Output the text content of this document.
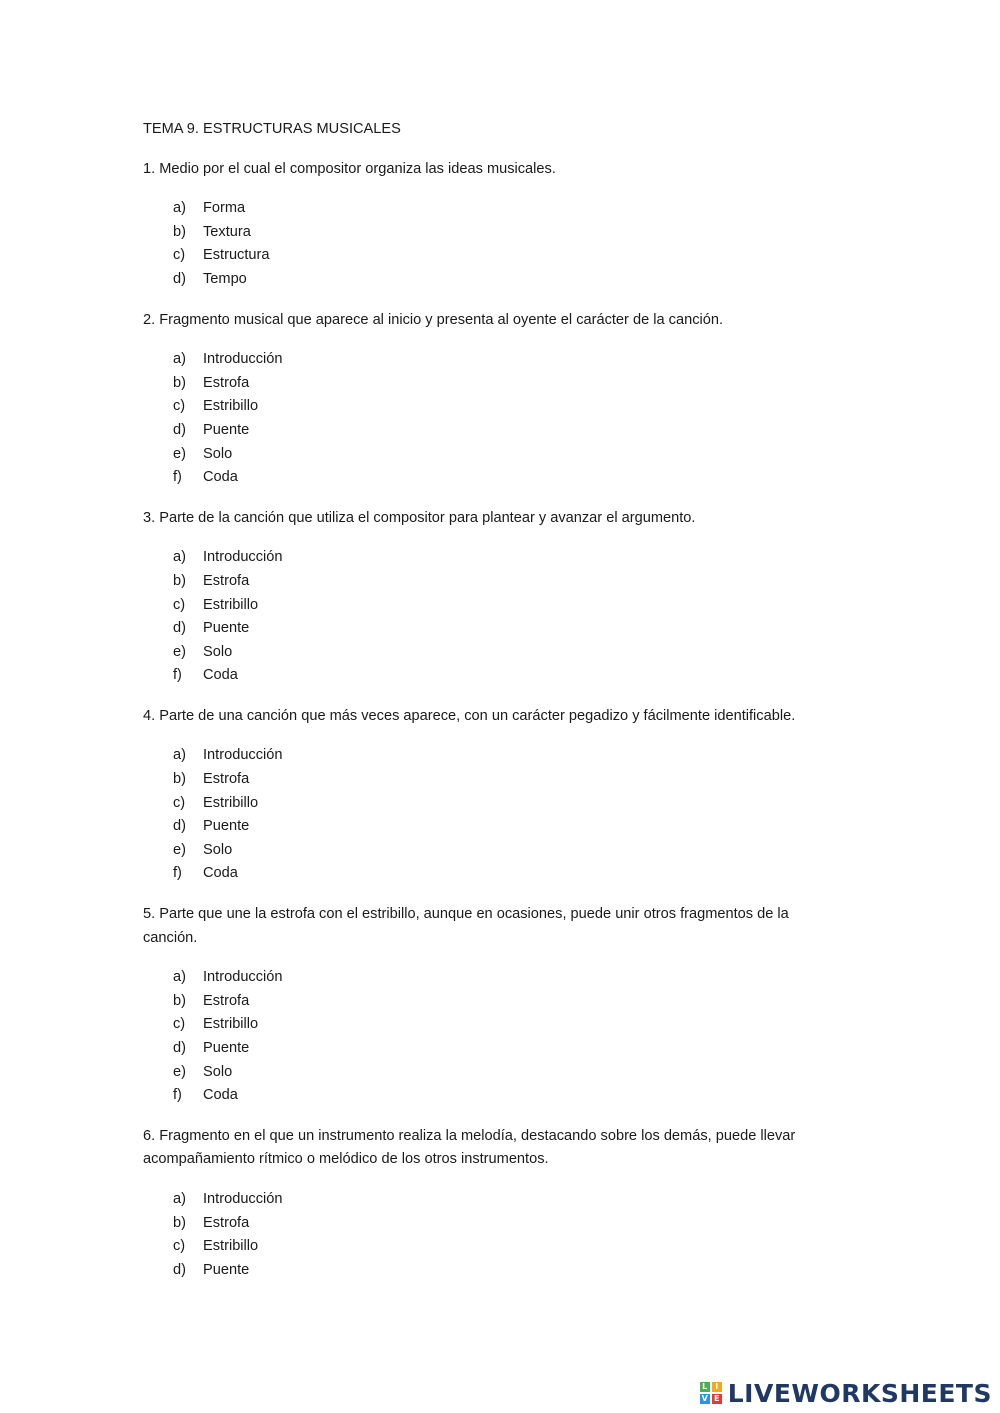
TEMA 9. ESTRUCTURAS MUSICALES
1. Medio por el cual el compositor organiza las ideas musicales.
a)	Forma
b)	Textura
c)	Estructura
d)	Tempo
2. Fragmento musical que aparece al inicio y presenta al oyente el carácter de la canción.
a)	Introducción
b)	Estrofa
c)	Estribillo
d)	Puente
e)	Solo
f)	Coda
3. Parte de la canción que utiliza el compositor para plantear y avanzar el argumento.
a)	Introducción
b)	Estrofa
c)	Estribillo
d)	Puente
e)	Solo
f)	Coda
4. Parte de una canción que más veces aparece, con un carácter pegadizo y fácilmente identificable.
a)	Introducción
b)	Estrofa
c)	Estribillo
d)	Puente
e)	Solo
f)	Coda
5. Parte que une la estrofa con el estribillo, aunque en ocasiones, puede unir otros fragmentos de la canción.
a)	Introducción
b)	Estrofa
c)	Estribillo
d)	Puente
e)	Solo
f)	Coda
6. Fragmento en el que un instrumento realiza la melodía, destacando sobre los demás, puede llevar acompañamiento rítmico o melódico de los otros instrumentos.
a)	Introducción
b)	Estrofa
c)	Estribillo
d)	Puente
L I
V E LIVEWORKSHEETS
